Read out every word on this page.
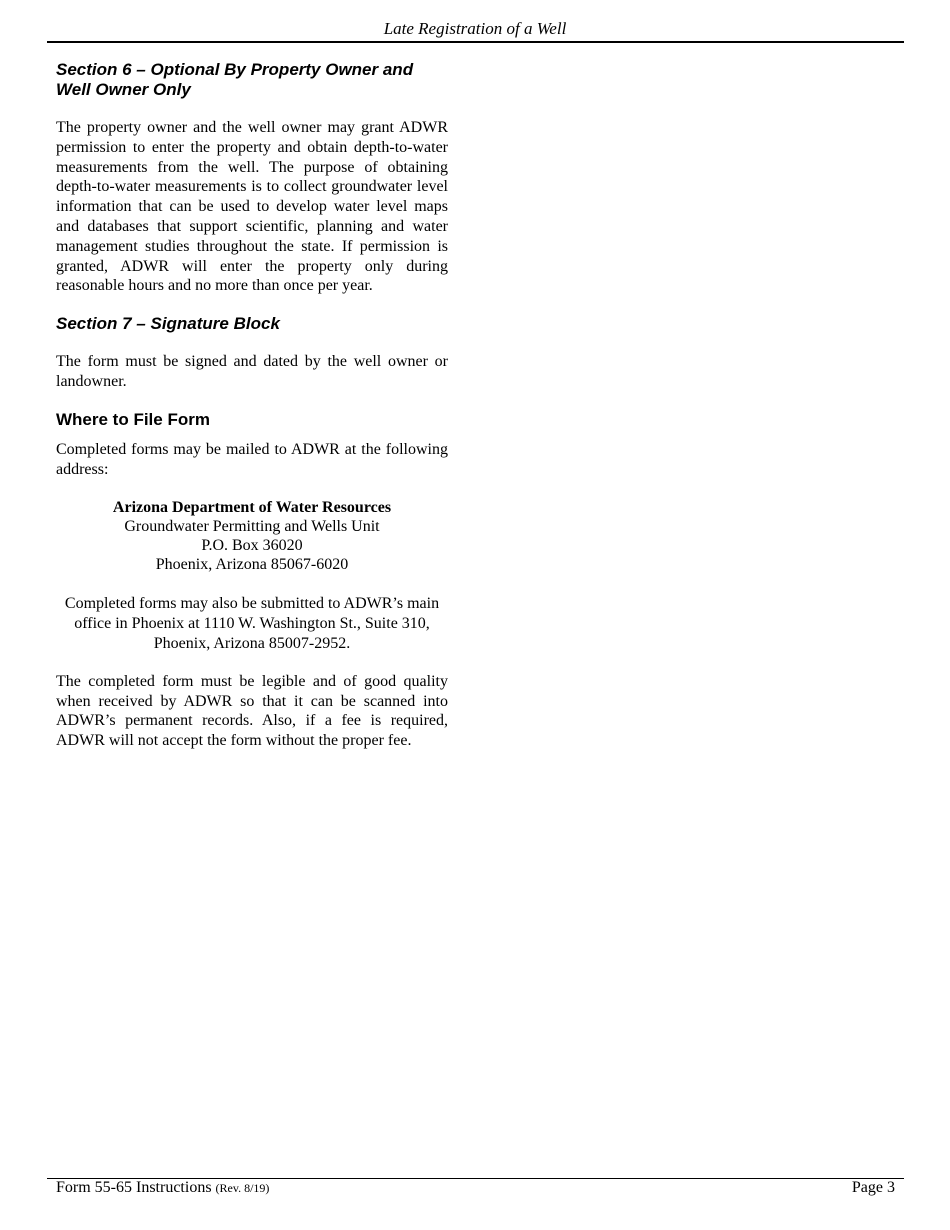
Late Registration of a Well
Section 6 – Optional By Property Owner and Well Owner Only

The property owner and the well owner may grant ADWR permission to enter the property and obtain depth-to-water measurements from the well. The purpose of obtaining depth-to-water measurements is to collect groundwater level information that can be used to develop water level maps and databases that support scientific, planning and water management studies throughout the state. If permission is granted, ADWR will enter the property only during reasonable hours and no more than once per year.

Section 7 – Signature Block

The form must be signed and dated by the well owner or landowner.

Where to File Form

Completed forms may be mailed to ADWR at the following address:

Arizona Department of Water Resources
Groundwater Permitting and Wells Unit
P.O. Box 36020
Phoenix, Arizona 85067-6020

Completed forms may also be submitted to ADWR’s main office in Phoenix at 1110 W. Washington St., Suite 310, Phoenix, Arizona 85007-2952.

The completed form must be legible and of good quality when received by ADWR so that it can be scanned into ADWR’s permanent records. Also, if a fee is required, ADWR will not accept the form without the proper fee.

Form 55-65 Instructions (Rev. 8/19)	Page 3
